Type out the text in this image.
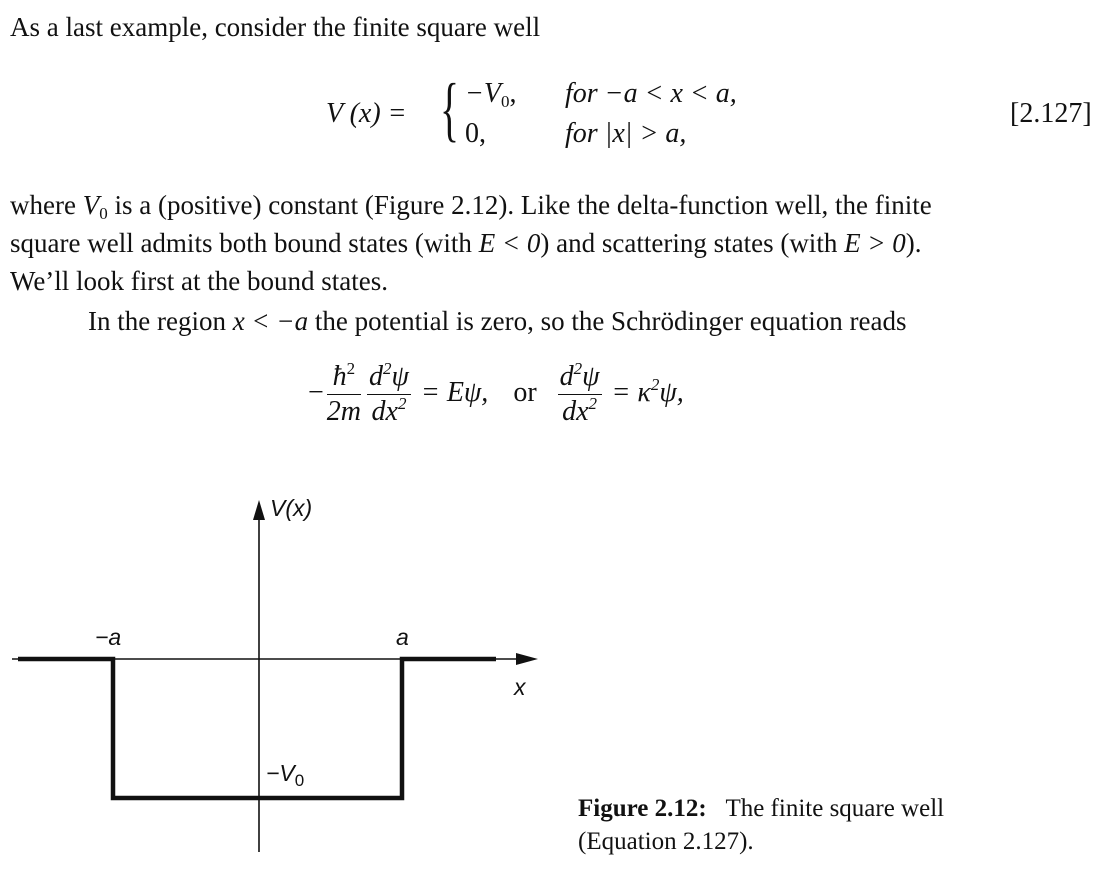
As a last example, consider the finite square well
V (x) = { $-V_0$, for −a < x < a,
0,	for |x| > a,
[2.127]
where $V_0$ is a (positive) constant (Figure 2.12). Like the delta-function well, the finite
square well admits both bound states (with E < 0) and scattering states (with E > 0).
We’ll look first at the bound states.
In the region x < −a the potential is zero, so the Schrödinger equation reads
− $\frac{ħ^2}{2m} \frac{d^2\psi}{dx^2} = E\psi$, or $\frac{d^2\psi}{dx^2} = \kappa^2\psi$,
V(x)
x
−a	a
$-V_0$
Figure 2.12: The finite square well
(Equation 2.127).
